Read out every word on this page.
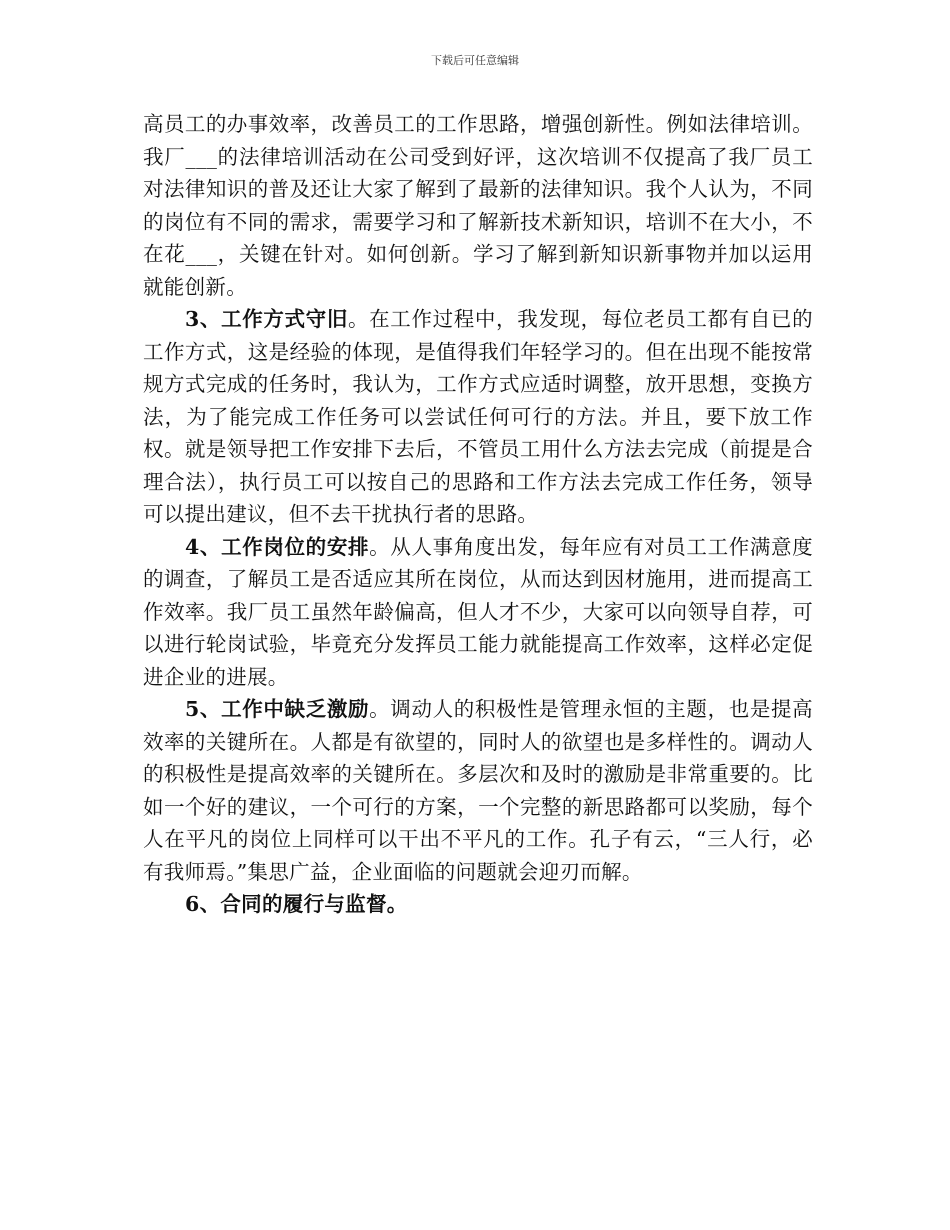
下载后可任意编辑

高员工的办事效率，改善员工的工作思路，增强创新性。例如法律培训。我厂___的法律培训活动在公司受到好评，这次培训不仅提高了我厂员工对法律知识的普及还让大家了解到了最新的法律知识。我个人认为，不同的岗位有不同的需求，需要学习和了解新技术新知识，培训不在大小，不在花___，关键在针对。如何创新。学习了解到新知识新事物并加以运用就能创新。

3、工作方式守旧。在工作过程中，我发现，每位老员工都有自已的工作方式，这是经验的体现，是值得我们年轻学习的。但在出现不能按常规方式完成的任务时，我认为，工作方式应适时调整，放开思想，变换方法，为了能完成工作任务可以尝试任何可行的方法。并且，要下放工作权。就是领导把工作安排下去后，不管员工用什么方法去完成（前提是合理合法），执行员工可以按自己的思路和工作方法去完成工作任务，领导可以提出建议，但不去干扰执行者的思路。

4、工作岗位的安排。从人事角度出发，每年应有对员工工作满意度的调查，了解员工是否适应其所在岗位，从而达到因材施用，进而提高工作效率。我厂员工虽然年龄偏高，但人才不少，大家可以向领导自荐，可以进行轮岗试验，毕竟充分发挥员工能力就能提高工作效率，这样必定促进企业的进展。

5、工作中缺乏激励。调动人的积极性是管理永恒的主题，也是提高效率的关键所在。人都是有欲望的，同时人的欲望也是多样性的。调动人的积极性是提高效率的关键所在。多层次和及时的激励是非常重要的。比如一个好的建议，一个可行的方案，一个完整的新思路都可以奖励，每个人在平凡的岗位上同样可以干出不平凡的工作。孔子有云，“三人行，必有我师焉。”集思广益，企业面临的问题就会迎刃而解。

6、合同的履行与监督。
